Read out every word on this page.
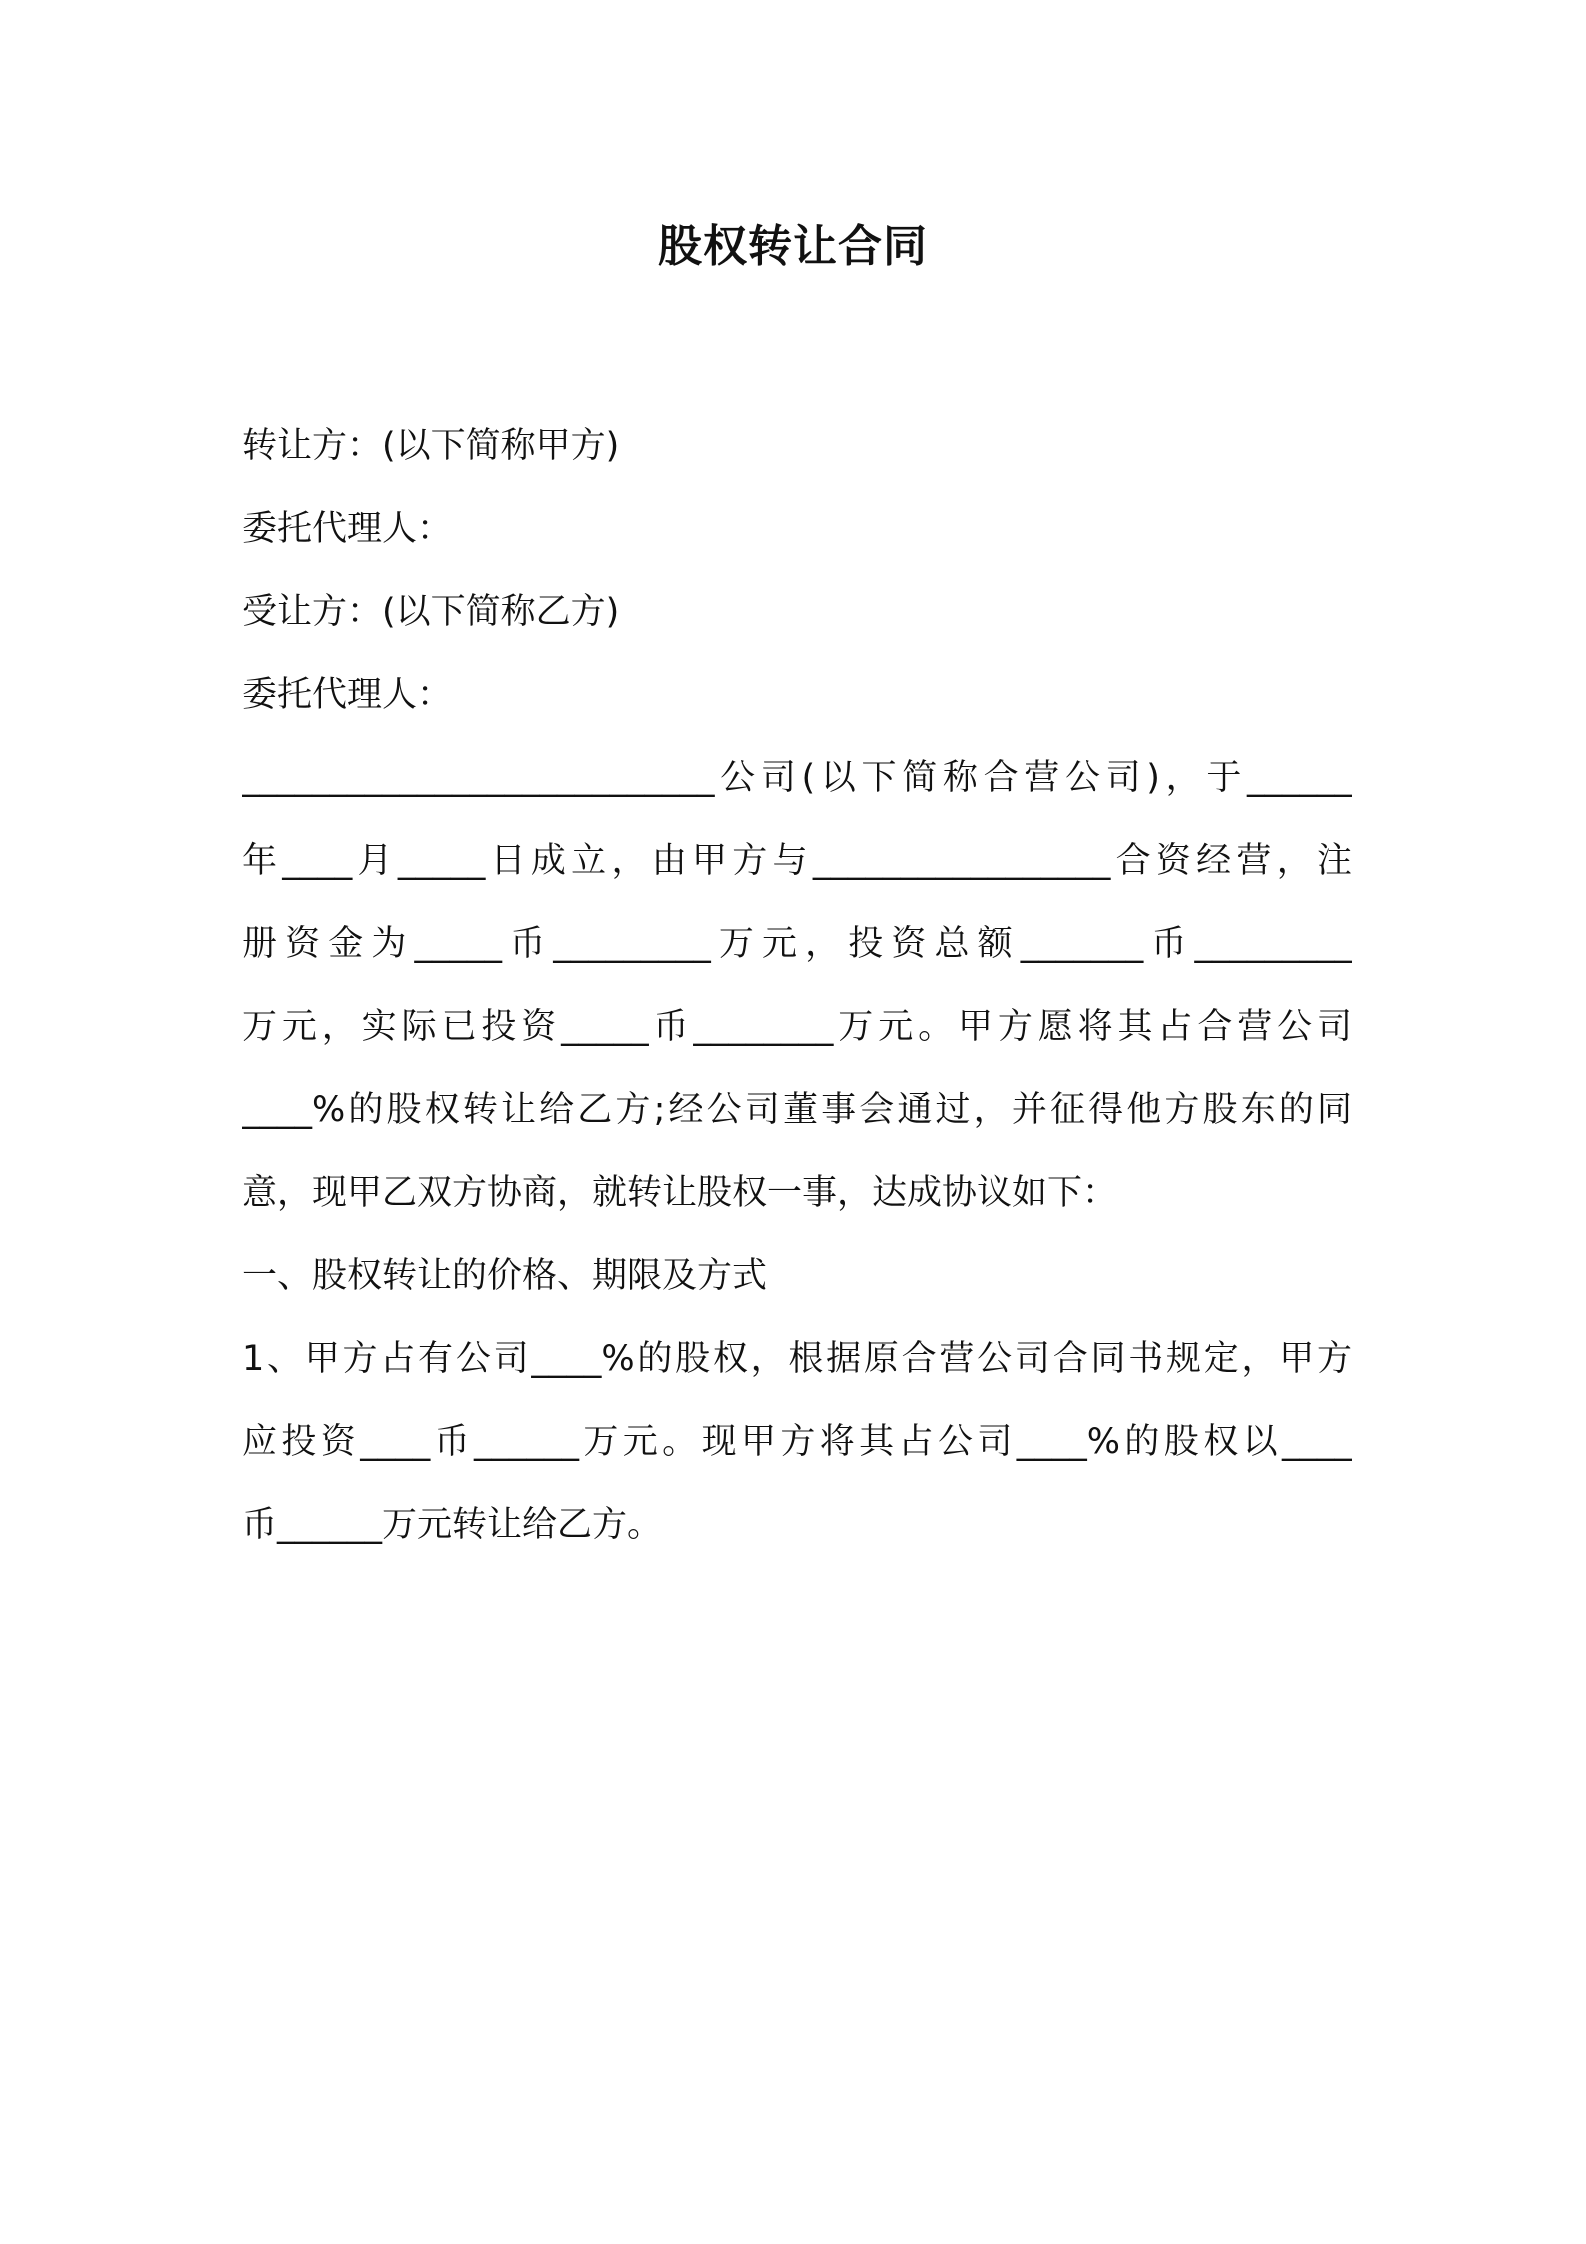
股权转让合同
转让方：(以下简称甲方)
委托代理人：
受让方：(以下简称乙方)
委托代理人：
___________________________公司(以下简称合营公司)，于______
年____月_____日成立，由甲方与_________________合资经营，注
册资金为_____币_________万元，投资总额_______币_________
万元，实际已投资_____币________万元。甲方愿将其占合营公司
____%的股权转让给乙方;经公司董事会通过，并征得他方股东的同
意，现甲乙双方协商，就转让股权一事，达成协议如下：
一、股权转让的价格、期限及方式
1、甲方占有公司____%的股权，根据原合营公司合同书规定，甲方
应投资____币______万元。现甲方将其占公司____%的股权以____
币______万元转让给乙方。
